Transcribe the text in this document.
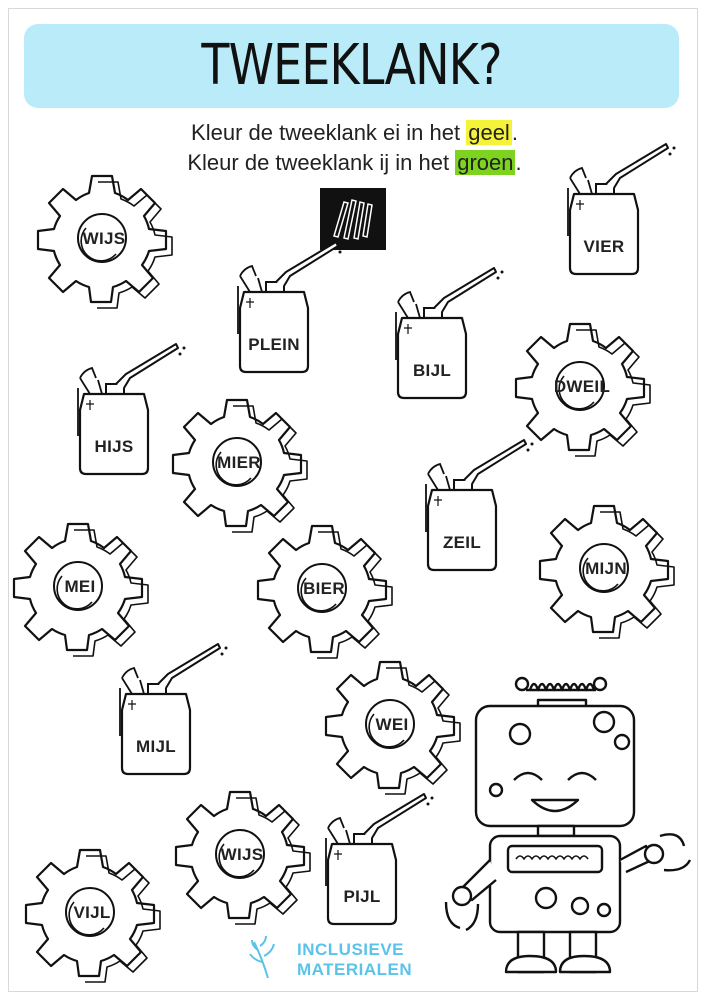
TWEEKLANK?
Kleur de tweeklank ei in het geel.
Kleur de tweeklank ij in het groen.
WIJS
DWEIL
MIER
MEI	BIER
MIJN
WEI
WIJS
VIJL
VIER
PLEIN
BIJL
HIJS
ZEIL
MIJL
PIJL
INCLUSIEVE
MATERIALEN
